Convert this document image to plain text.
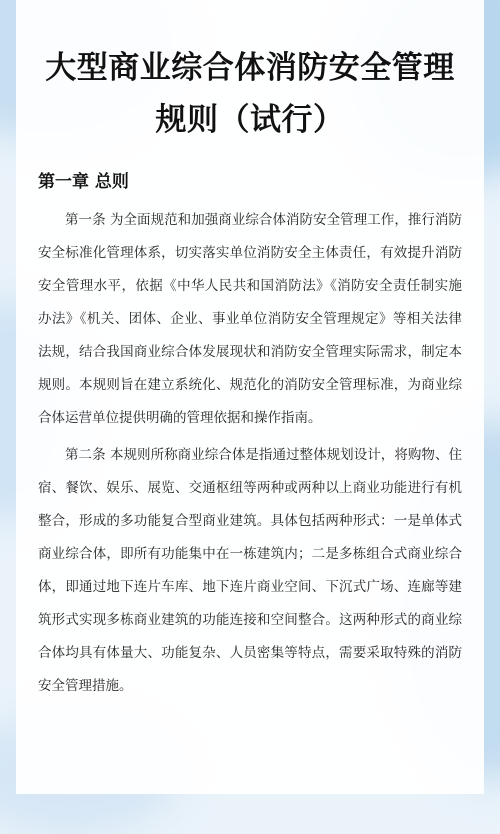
大型商业综合体消防安全管理
规则（试行）
第一章 总则

第一条 为全面规范和加强商业综合体消防安全管理工作，推行消防安全标准化管理体系，切实落实单位消防安全主体责任，有效提升消防安全管理水平，依据《中华人民共和国消防法》《消防安全责任制实施办法》《机关、团体、企业、事业单位消防安全管理规定》等相关法律法规，结合我国商业综合体发展现状和消防安全管理实际需求，制定本规则。本规则旨在建立系统化、规范化的消防安全管理标准，为商业综合体运营单位提供明确的管理依据和操作指南。

第二条 本规则所称商业综合体是指通过整体规划设计，将购物、住宿、餐饮、娱乐、展览、交通枢纽等两种或两种以上商业功能进行有机整合，形成的多功能复合型商业建筑。具体包括两种形式：一是单体式商业综合体，即所有功能集中在一栋建筑内；二是多栋组合式商业综合体，即通过地下连片车库、地下连片商业空间、下沉式广场、连廊等建筑形式实现多栋商业建筑的功能连接和空间整合。这两种形式的商业综合体均具有体量大、功能复杂、人员密集等特点，需要采取特殊的消防安全管理措施。
